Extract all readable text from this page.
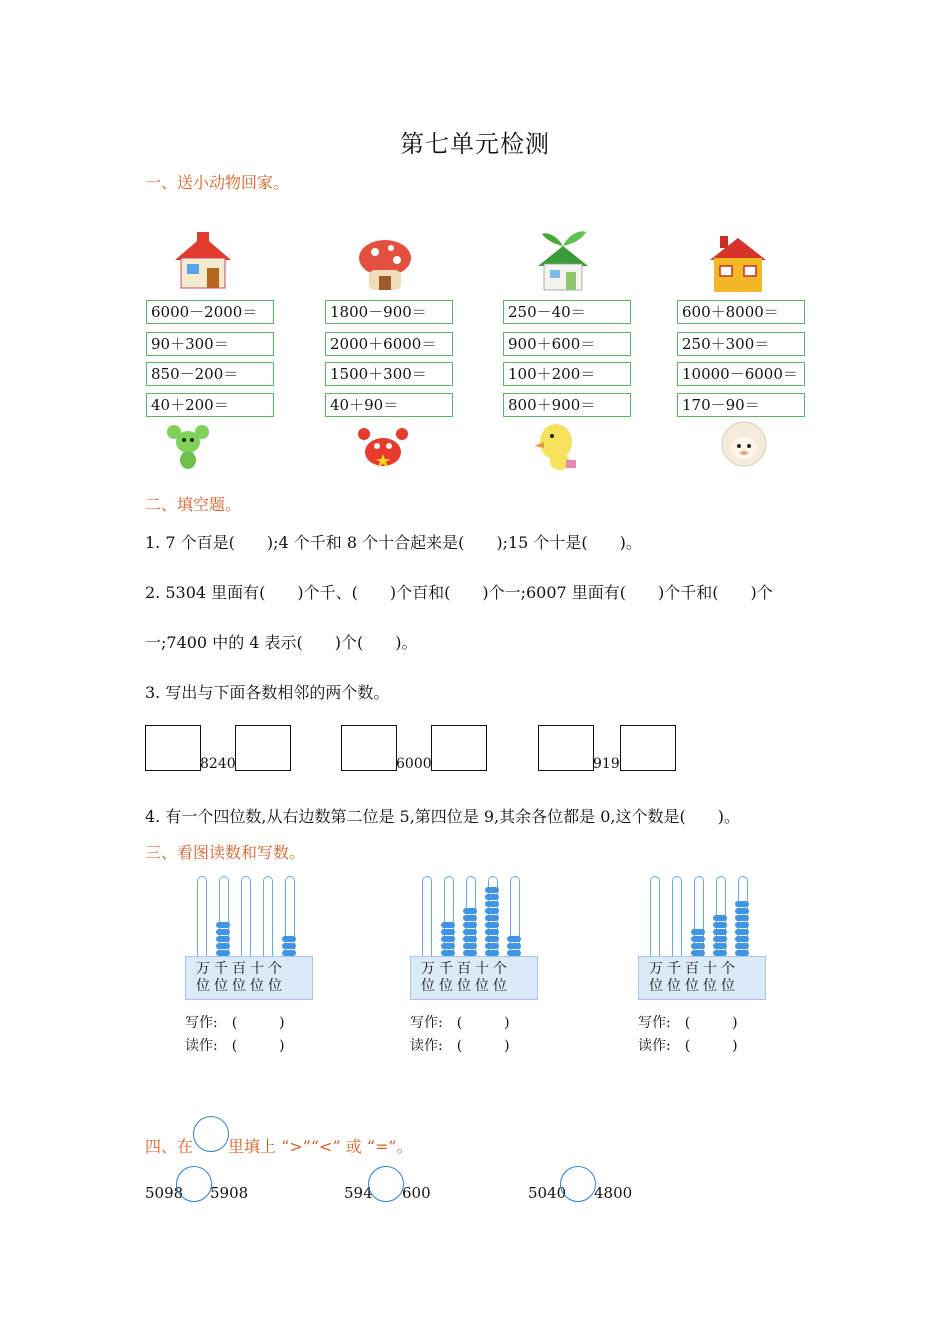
第七单元检测
一、送小动物回家。
6000－2000＝
90＋300＝
850－200＝
40＋200＝
1800－900＝
2000＋6000＝
1500＋300＝
40＋90＝
250－40＝
900＋600＝
100＋200＝
800＋900＝
600＋8000＝
250＋300＝
10000－6000＝
170－90＝
二、填空题。
1. 7 个百是(　　);4 个千和 8 个十合起来是(　　);15 个十是(　　)。
2. 5304 里面有(　　)个千、(　　)个百和(　　)个一;6007 里面有(　　)个千和(　　)个
一;7400 中的 4 表示(　　)个(　　)。
3. 写出与下面各数相邻的两个数。
8240	6000	919
4. 有一个四位数,从右边数第二位是 5,第四位是 9,其余各位都是 0,这个数是(　　)。
三、看图读数和写数。
万千百十个
位位位位位
写作:　(　　　)
读作:　(　　　)
万千百十个
位位位位位
写作:　(　　　)
读作:　(　　　)
万千百十个
位位位位位
写作:　(　　　)
读作:　(　　　)
四、在 里填上 “>”“<” 或 “=”。
5098 5908	594 600	5040 4800
